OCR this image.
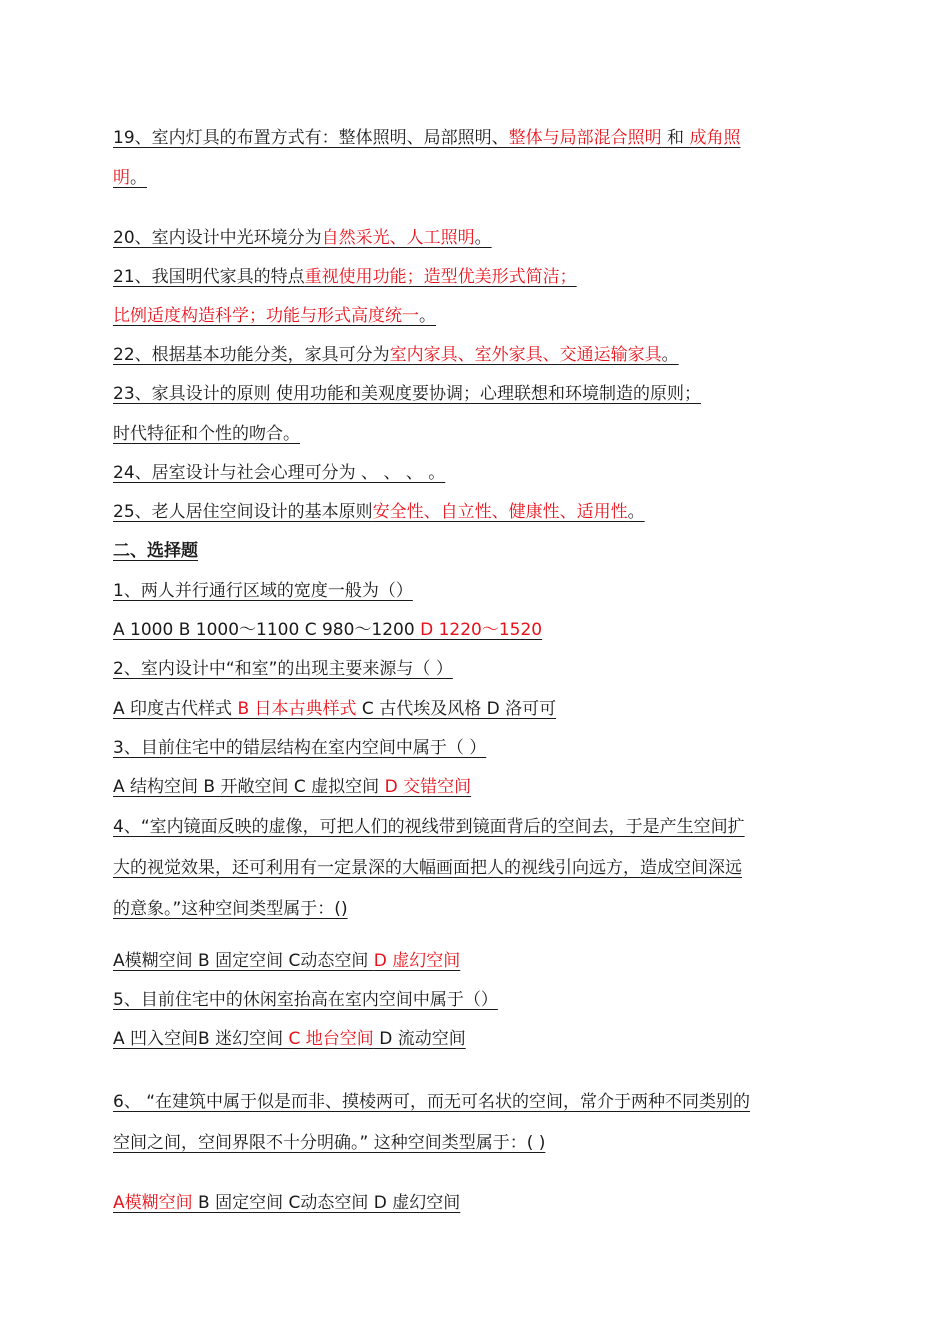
19、室内灯具的布置方式有：整体照明、局部照明、整体与局部混合照明 和 成角照
明。
20、室内设计中光环境分为自然采光、人工照明。
21、我国明代家具的特点重视使用功能；造型优美形式简洁；
比例适度构造科学；功能与形式高度统一。
22、根据基本功能分类，家具可分为室内家具、室外家具、交通运输家具。
23、家具设计的原则 使用功能和美观度要协调；心理联想和环境制造的原则；
时代特征和个性的吻合。
24、居室设计与社会心理可分为 、 、 、 。
25、老人居住空间设计的基本原则安全性、自立性、健康性、适用性。
二、选择题
1、两人并行通行区域的宽度一般为（）
A 1000 B 1000～1100 C 980～1200 D 1220～1520
2、室内设计中“和室”的出现主要来源与（ ）
A 印度古代样式 B 日本古典样式 C 古代埃及风格 D 洛可可
3、目前住宅中的错层结构在室内空间中属于（ ）
A 结构空间 B 开敞空间 C 虚拟空间 D 交错空间
4、“室内镜面反映的虚像，可把人们的视线带到镜面背后的空间去，于是产生空间扩
大的视觉效果，还可利用有一定景深的大幅画面把人的视线引向远方，造成空间深远
的意象。”这种空间类型属于：()
A模糊空间 B 固定空间 C动态空间 D 虚幻空间
5、目前住宅中的休闲室抬高在室内空间中属于（）
A 凹入空间B 迷幻空间 C 地台空间 D 流动空间
6、 “在建筑中属于似是而非、摸棱两可，而无可名状的空间，常介于两种不同类别的
空间之间，空间界限不十分明确。” 这种空间类型属于：( )
A模糊空间 B 固定空间 C动态空间 D 虚幻空间
